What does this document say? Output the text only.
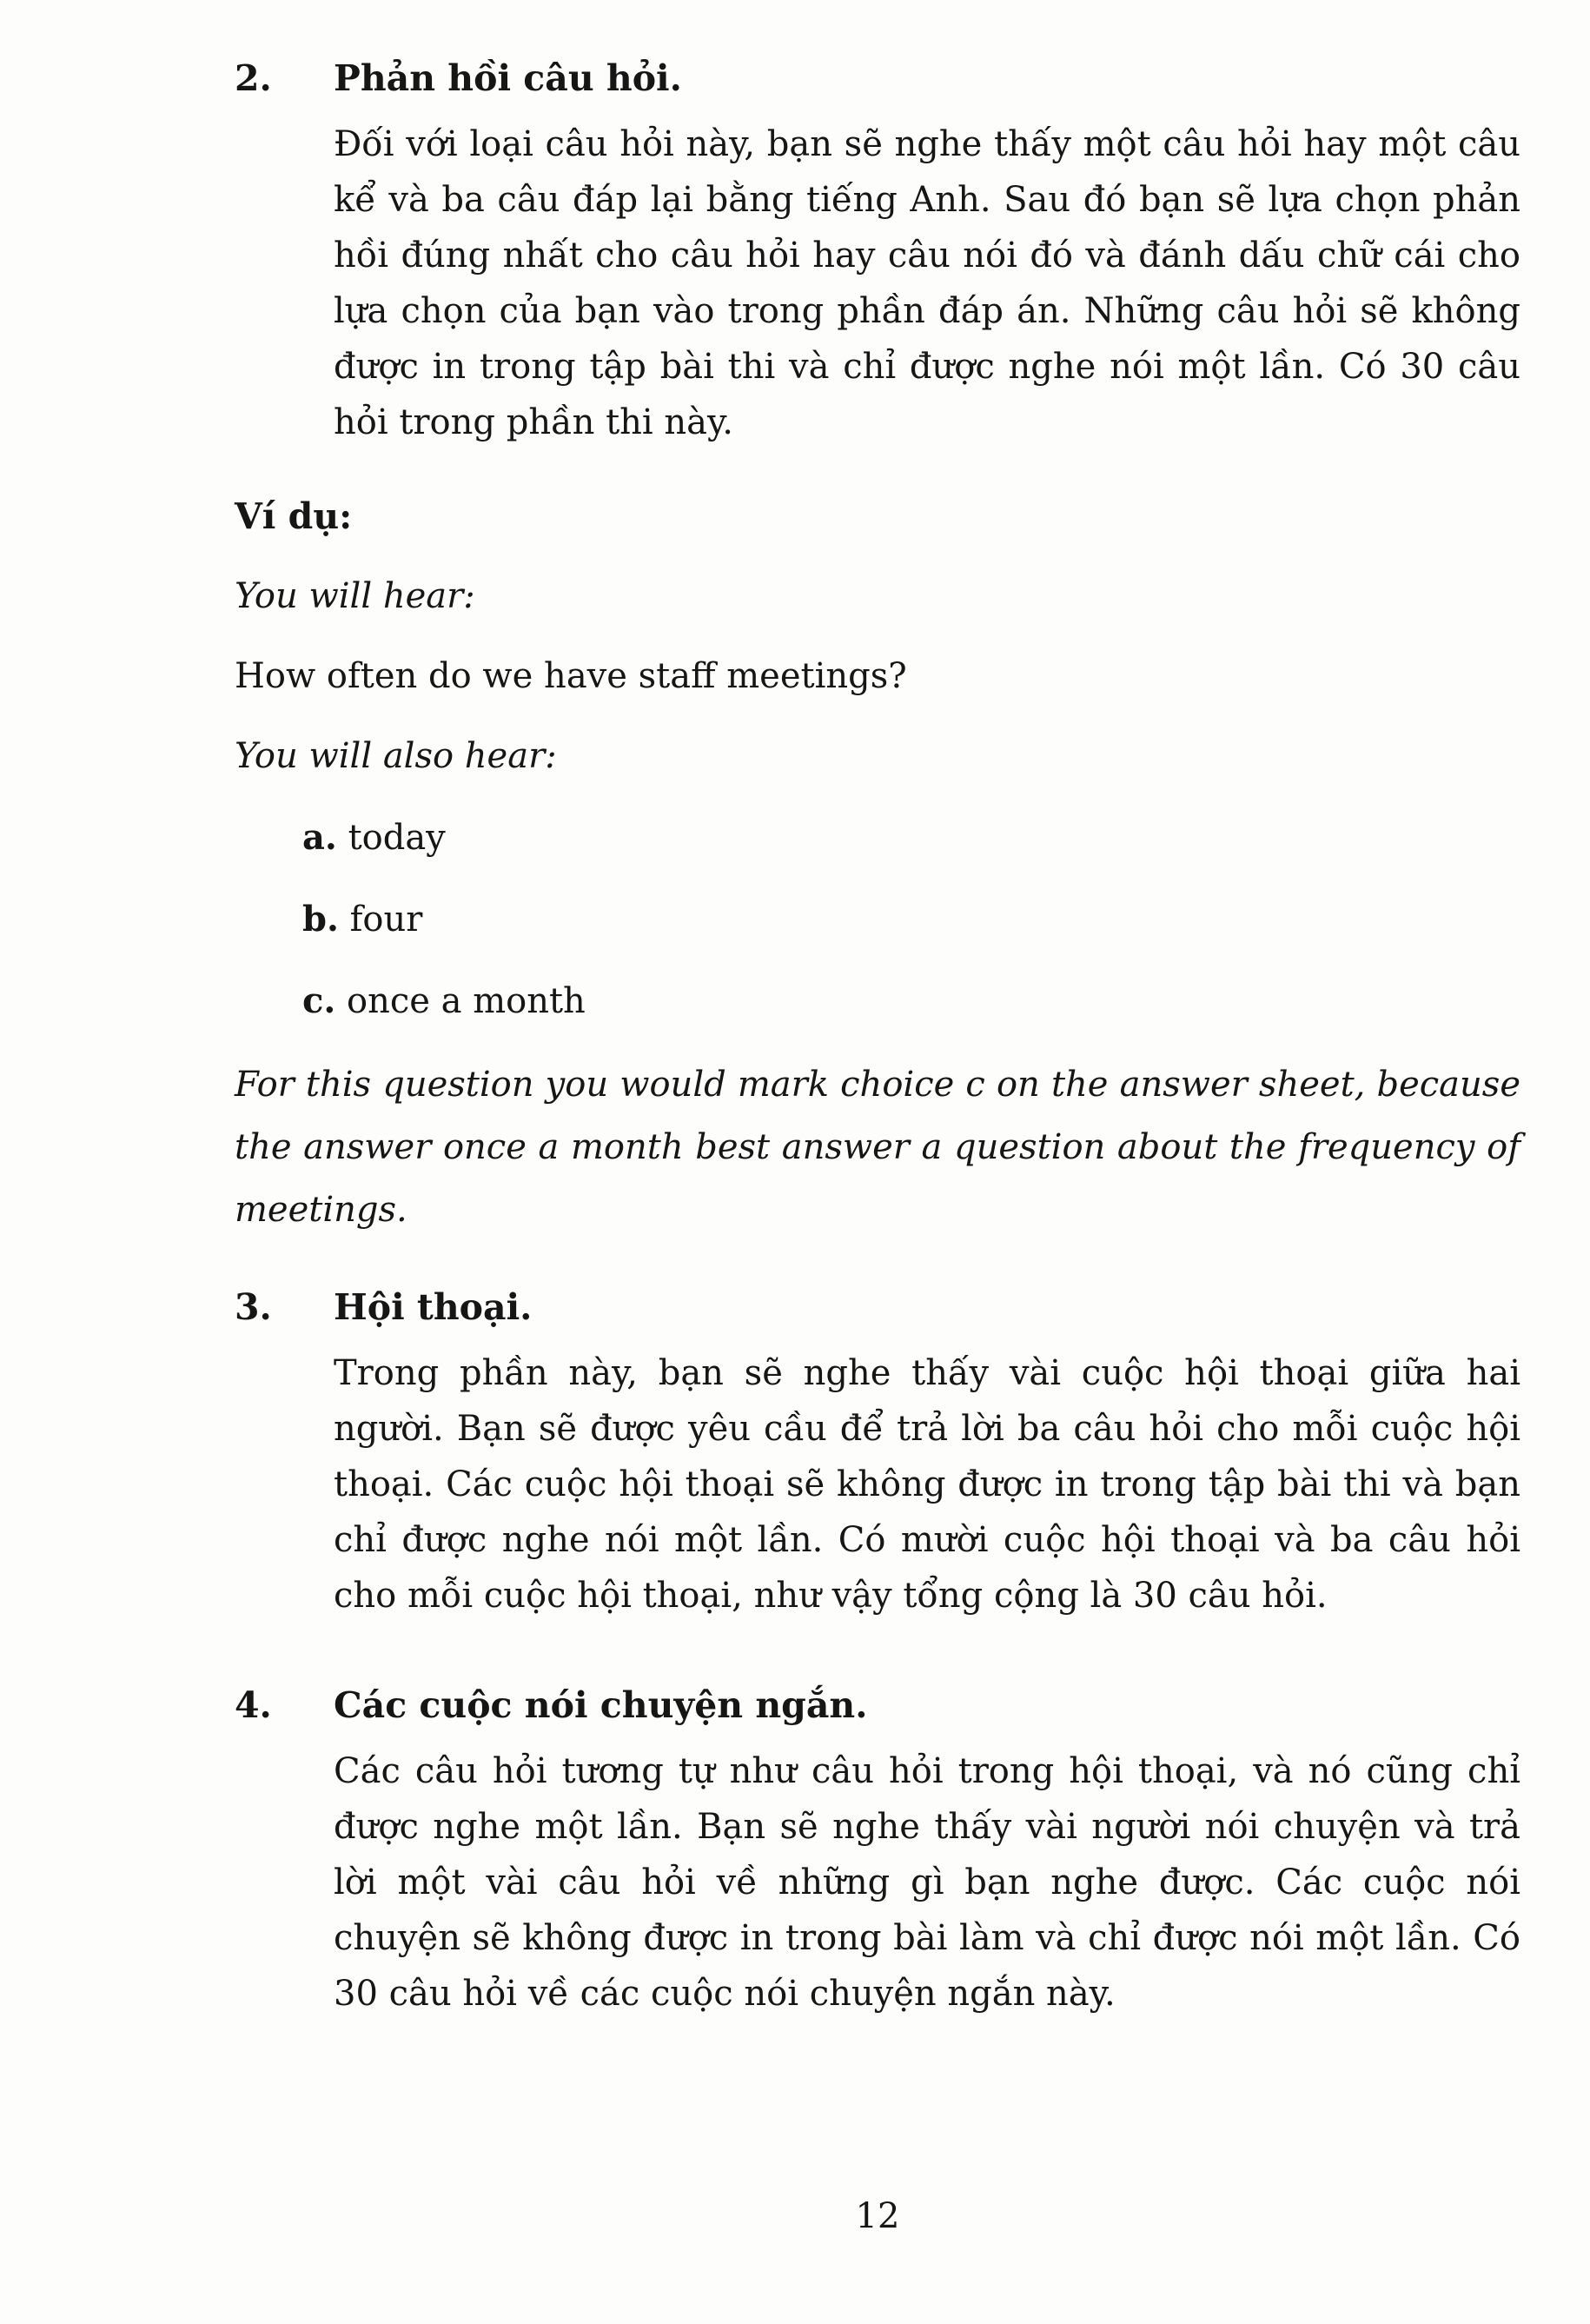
2.	Phản hồi câu hỏi.

Đối với loại câu hỏi này, bạn sẽ nghe thấy một câu hỏi hay một câu kể và ba câu đáp lại bằng tiếng Anh. Sau đó bạn sẽ lựa chọn phản hồi đúng nhất cho câu hỏi hay câu nói đó và đánh dấu chữ cái cho lựa chọn của bạn vào trong phần đáp án. Những câu hỏi sẽ không được in trong tập bài thi và chỉ được nghe nói một lần. Có 30 câu hỏi trong phần thi này.

Ví dụ:
You will hear:
How often do we have staff meetings?
You will also hear:
a. today
b. four
c. once a month

For this question you would mark choice c on the answer sheet, because the answer once a month best answer a question about the frequency of meetings.

3.	Hội thoại.

Trong phần này, bạn sẽ nghe thấy vài cuộc hội thoại giữa hai người. Bạn sẽ được yêu cầu để trả lời ba câu hỏi cho mỗi cuộc hội thoại. Các cuộc hội thoại sẽ không được in trong tập bài thi và bạn chỉ được nghe nói một lần. Có mười cuộc hội thoại và ba câu hỏi cho mỗi cuộc hội thoại, như vậy tổng cộng là 30 câu hỏi.

4.	Các cuộc nói chuyện ngắn.

Các câu hỏi tương tự như câu hỏi trong hội thoại, và nó cũng chỉ được nghe một lần. Bạn sẽ nghe thấy vài người nói chuyện và trả lời một vài câu hỏi về những gì bạn nghe được. Các cuộc nói chuyện sẽ không được in trong bài làm và chỉ được nói một lần. Có 30 câu hỏi về các cuộc nói chuyện ngắn này.

12
